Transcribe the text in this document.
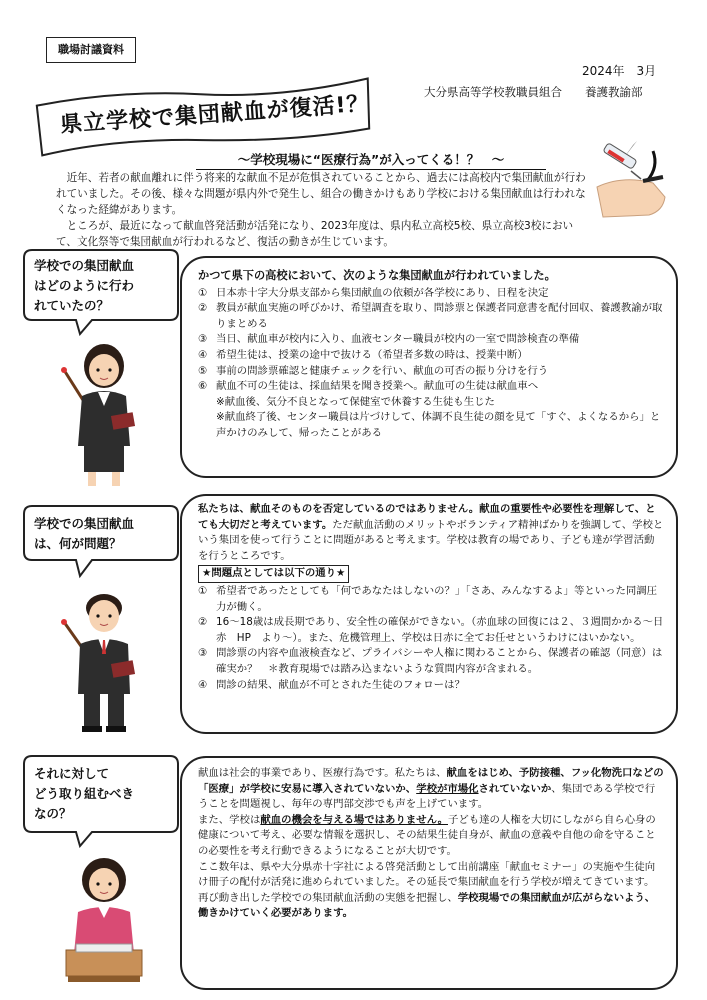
職場討議資料
2024年　3月
大分県高等学校教職員組合　　養護教諭部
県立学校で集団献血が復活!？
～学校現場に“医療行為”が入ってくる！？　～

近年、若者の献血離れに伴う将来的な献血不足が危惧されていることから、過去には高校内で集団献血が行われていました。その後、様々な問題が県内外で発生し、組合の働きかけもあり学校における集団献血は行われなくなった経緯があります。

ところが、最近になって献血啓発活動が活発になり、2023年度は、県内私立高校5校、県立高校3校において、文化祭等で集団献血が行われるなど、復活の動きが生じています。

学校での集団献血
はどのように行わ
れていたの？
かつて県下の高校において、次のような集団献血が行われていました。
① 日本赤十字大分県支部から集団献血の依頼が各学校にあり、日程を決定
② 教員が献血実施の呼びかけ、希望調査を取り、問診票と保護者同意書を配付回収、養護教諭が取りまとめる
③ 当日、献血車が校内に入り、血液センター職員が校内の一室で問診検査の準備
④ 希望生徒は、授業の途中で抜ける（希望者多数の時は、授業中断）
⑤ 事前の問診票確認と健康チェックを行い、献血の可否の振り分けを行う
⑥ 献血不可の生徒は、採血結果を聞き授業へ。献血可の生徒は献血車へ
※献血後、気分不良となって保健室で休養する生徒も生じた
※献血終了後、センター職員は片づけして、体調不良生徒の顔を見て「すぐ、よくなるから」と声かけのみして、帰ったことがある
学校での集団献血
は、何が問題？
私たちは、献血そのものを否定しているのではありません。献血の重要性や必要性を理解して、とても大切だと考えています。ただ献血活動のメリットやボランティア精神ばかりを強調して、学校という集団を使って行うことに問題があると考えます。学校は教育の場であり、子ども達が学習活動を行うところです。
★問題点としては以下の通り★
① 希望者であったとしても「何であなたはしないの？」「さあ、みんなするよ」等といった同調圧力が働く。
② 16～18歳は成長期であり、安全性の確保ができない。（赤血球の回復には２、３週間かかる～日赤　HP　より～）。また、危機管理上、学校は日赤に全てお任せというわけにはいかない。
③ 問診票の内容や血液検査など、プライバシーや人権に関わることから、保護者の確認（同意）は確実か？　＊教育現場では踏み込まないような質問内容が含まれる。
④ 問診の結果、献血が不可とされた生徒のフォローは？
それに対して
どう取り組むべき
なの？
献血は社会的事業であり、医療行為です。私たちは、献血をはじめ、予防接種、フッ化物洗口などの「医療」が学校に安易に導入されていないか、学校が市場化されていないか、集団である学校で行うことを問題視し、毎年の専門部交渉でも声を上げています。
また、学校は献血の機会を与える場ではありません。子ども達の人権を大切にしながら自ら心身の健康について考え、必要な情報を選択し、その結果生徒自身が、献血の意義や自他の命を守ることの必要性を考え行動できるようになることが大切です。
ここ数年は、県や大分県赤十字社による啓発活動として出前講座「献血セミナー」の実施や生徒向け冊子の配付が活発に進められていました。その延長で集団献血を行う学校が増えてきています。再び動き出した学校での集団献血活動の実態を把握し、学校現場での集団献血が広がらないよう、働きかけていく必要があります。
